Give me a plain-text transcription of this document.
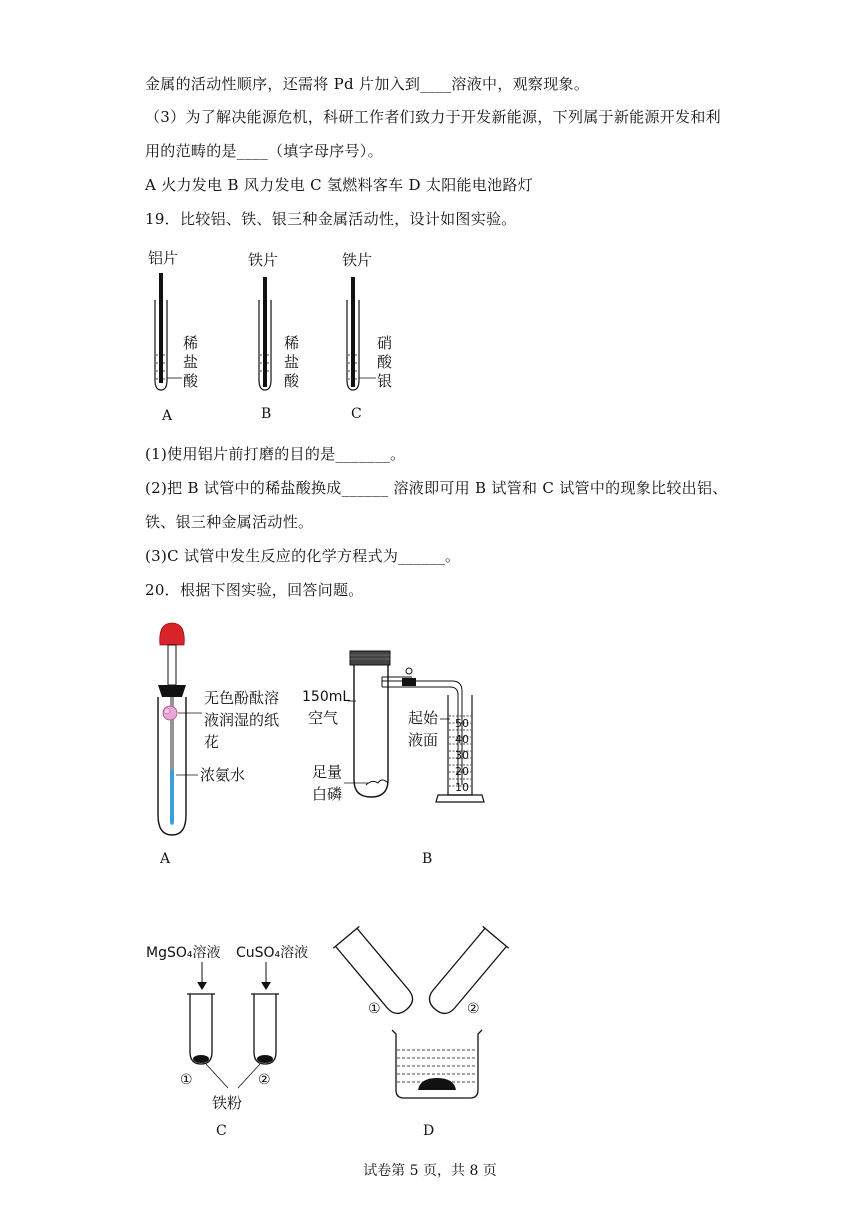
金属的活动性顺序，还需将 Pd 片加入到____溶液中，观察现象。
（3）为了解决能源危机，科研工作者们致力于开发新能源，下列属于新能源开发和利
用的范畴的是____（填字母序号）。
A 火力发电 B 风力发电 C 氢燃料客车 D 太阳能电池路灯
19．比较铝、铁、银三种金属活动性，设计如图实验。
铝片
稀
盐
酸
A
铁片
稀
盐
酸
B
铁片
硝
酸
银
C
(1)使用铝片前打磨的目的是_______。
(2)把 B 试管中的稀盐酸换成______ 溶液即可用 B 试管和 C 试管中的现象比较出铝、
铁、银三种金属活动性。
(3)C 试管中发生反应的化学方程式为______。
20．根据下图实验，回答问题。
无色酚酞溶
液润湿的纸
花
浓氨水
A
50
40
30
20
10
150mL
空气
足量
白磷
起始
液面
B
MgSO₄溶液 CuSO₄溶液
①	②
铁粉
C
①	②
D
试卷第 5 页，共 8 页
